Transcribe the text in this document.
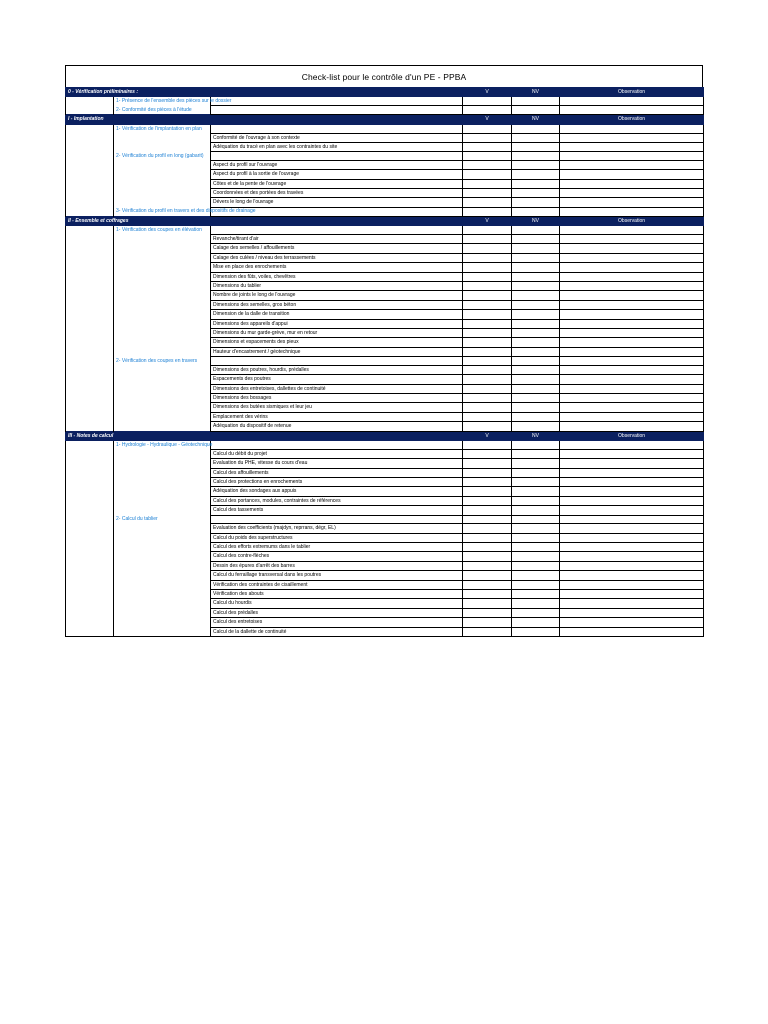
Check-list pour le contrôle d'un PE - PPBA
0 - Vérification préliminaires :			V	NV	Observation
	1- Présence de l'ensemble des pièces sur le dossier				
	2- Conformité des pièces à l'étude				
I - Implantation			V	NV	Observation
	1- Vérification de l'implantation en plan				
		Conformité de l'ouvrage à son contexte			
		Adéquation du tracé en plan avec les contraintes du site			
	2- Vérification du profil en long (gabarit)				
		Aspect du profil sur l'ouvrage			
		Aspect du profil à la sortie de l'ouvrage			
		Côtes et de la pente de l'ouvrage			
		Coordonnées et des portées des travées			
		Dévers le long de l'ouvrage			
	3- Vérification du profil en travers et des dispositifs de drainage				
II - Ensemble et coffrages			V	NV	Observation
	1- Vérification des coupes en élévation				
		Revanche/tirant d'air			
		Calage des semelles / affouillements			
		Calage des culées / niveau des terrassements			
		Mise en place des enrochements			
		Dimension des fûts, voiles, chevêtres			
		Dimensions du tablier			
		Nombre de joints le long de l'ouvrage			
		Dimensions des semelles, gros béton			
		Dimension de la dalle de transition			
		Dimensions des appareils d'appui			
		Dimensions du mur garde-grève, mur en retour			
		Dimensions et espacements des pieux			
		Hauteur d'encastrement / géotechnique			
	2- Vérification des coupes en travers				
		Dimensions des poutres, hourdis, prédalles			
		Espacements des poutres			
		Dimensions des entretoises, dallettes de continuité			
		Dimensions des bossages			
		Dimensions des butées sismiques et leur jeu			
		Emplacement des vérins			
		Adéquation du dispositif de retenue			
III - Notes de calcul			V	NV	Observation
	1- Hydrologie - Hydraulique - Géotechnique				
		Calcul du débit du projet			
		Evaluation du PHE, vitesse du cours d'eau			
		Calcul des affouillements			
		Calcul des protections en enrochements			
		Adéquation des sondages aux appuis			
		Calcul des portances, modules, contraintes de références			
		Calcul des tassements			
	2- Calcul du tablier				
		Evaluation des coefficients (majdyn, reprrans, dégr, EL)			
		Calcul du poids des superstructures			
		Calcul des efforts extremums dans le tablier			
		Calcul des contre-flèches			
		Dessin des épures d'arrêt des barres			
		Calcul du ferraillage transversal dans les poutres			
		Vérification des contraintes de cisaillement			
		Vérification des abouts			
		Calcul du hourdis			
		Calcul des prédalles			
		Calcul des entretoises			
		Calcul de la dallette de continuité			
